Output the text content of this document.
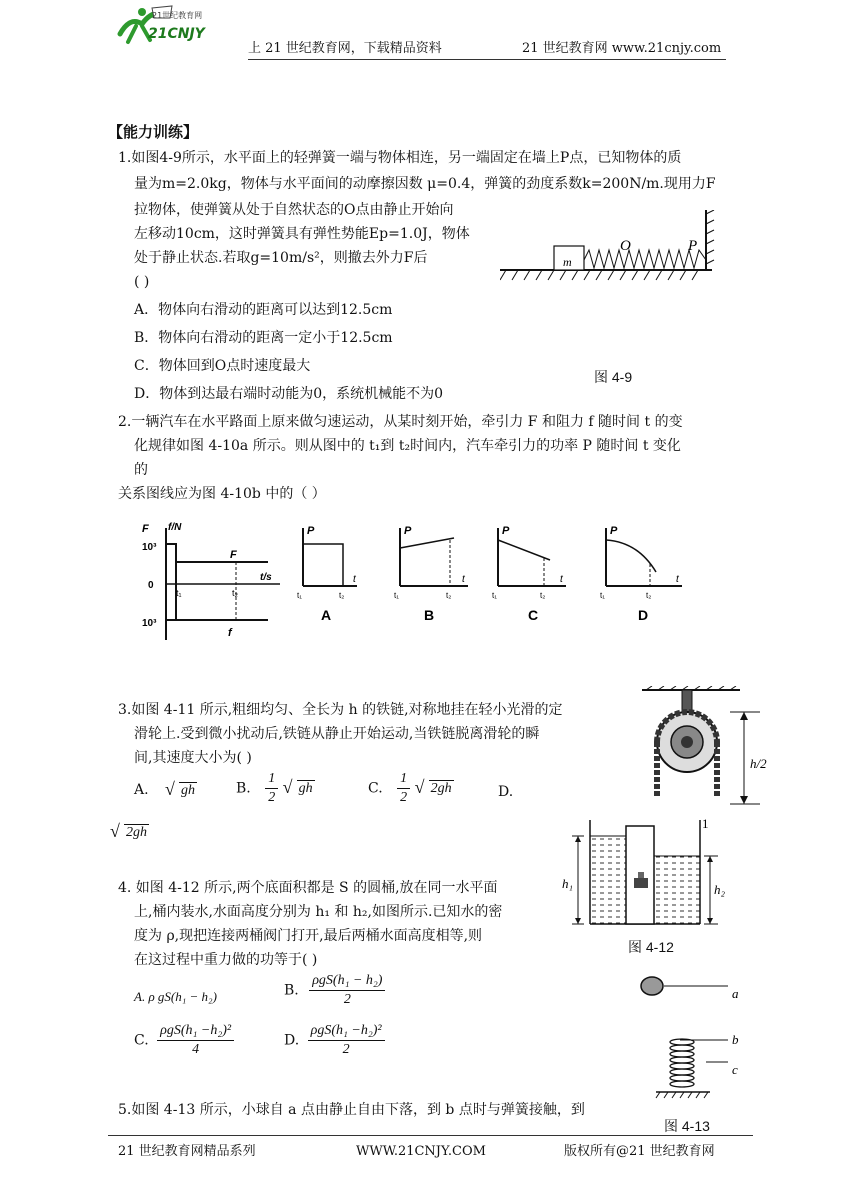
21世纪教育网
21CNJY
上 21 世纪教育网，下载精品资料	21 世纪教育网 www.21cnjy.com
【能力训练】
1.如图4-9所示，水平面上的轻弹簧一端与物体相连，另一端固定在墙上P点，已知物体的质
量为m=2.0kg，物体与水平面间的动摩擦因数 μ=0.4，弹簧的劲度系数k=200N/m.现用力F
拉物体，使弹簧从处于自然状态的O点由静止开始向
左移动10cm，这时弹簧具有弹性势能Ep=1.0J，物体
处于静止状态.若取g=10m/s²，则撤去外力F后
( )
A．物体向右滑动的距离可以达到12.5cm
B．物体向右滑动的距离一定小于12.5cm
C．物体回到O点时速度最大
D．物体到达最右端时动能为0，系统机械能不为0
m
O	P
图 4-9
2.一辆汽车在水平路面上原来做匀速运动，从某时刻开始，牵引力 F 和阻力 f 随时间 t 的变
化规律如图 4-10a 所示。则从图中的 t₁到 t₂时间内，汽车牵引力的功率 P 随时间 t 变化
的
关系图线应为图 4-10b 中的（ ）
F f/N
10³
0
10³
t/s
F
f
t₁	t₂
P
t
t₁	t₂
A
P
t
t₁	t₂
B
P
t
t₁	t₂
C
P
t
t₁	t₂
D
3.如图 4-11 所示,粗细均匀、全长为 h 的铁链,对称地挂在轻小光滑的定
滑轮上.受到微小扰动后,铁链从静止开始运动,当铁链脱离滑轮的瞬
间,其速度大小为( )
A. √ gh	B. $\frac{1}{2}$ √ gh	C. $\frac{1}{2}$ √ 2gh	D.
√ 2gh
h/2
4. 如图 4-12 所示,两个底面积都是 S 的圆桶,放在同一水平面
上,桶内装水,水面高度分别为 h₁ 和 h₂,如图所示.已知水的密
度为 ρ,现把连接两桶阀门打开,最后两桶水面高度相等,则
在这过程中重力做的功等于( )
A. ρ gS(h₁ − h₂)	B. $\frac{\text{ρgS(h₁ − h₂)}}{2}$
C. $\frac{\text{ρgS(h₁ −h₂)²}}{4}$	D. $\frac{\text{ρgS(h₁ −h₂)²}}{2}$
h₁	h₂
1
图 4-12
5.如图 4-13 所示，小球自 a 点由静止自由下落，到 b 点时与弹簧接触，到
a
b
c
图 4-13
21 世纪教育网精品系列	WWW.21CNJY.COM	版权所有@21 世纪教育网
